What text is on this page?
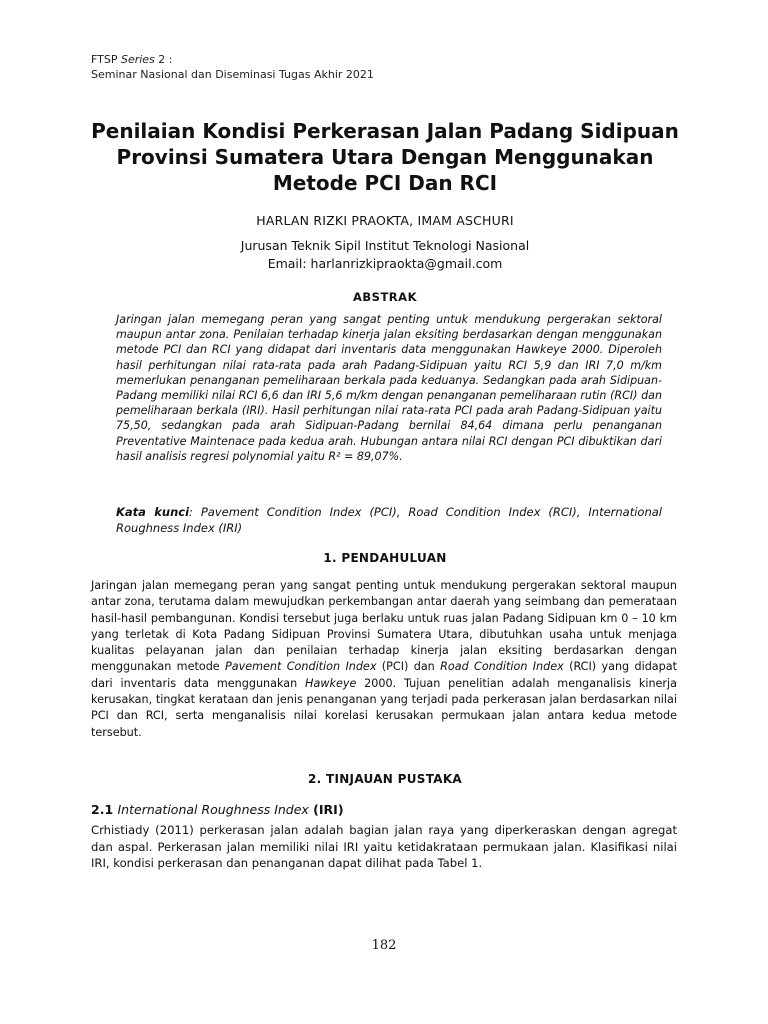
FTSP Series 2 :
Seminar Nasional dan Diseminasi Tugas Akhir 2021
Penilaian Kondisi Perkerasan Jalan Padang Sidipuan Provinsi Sumatera Utara Dengan Menggunakan Metode PCI Dan RCI
HARLAN RIZKI PRAOKTA, IMAM ASCHURI
Jurusan Teknik Sipil Institut Teknologi Nasional
Email: harlanrizkipraokta@gmail.com
ABSTRAK

Jaringan jalan memegang peran yang sangat penting untuk mendukung pergerakan sektoral maupun antar zona. Penilaian terhadap kinerja jalan eksiting berdasarkan dengan menggunakan metode PCI dan RCI yang didapat dari inventaris data menggunakan Hawkeye 2000. Diperoleh hasil perhitungan nilai rata-rata pada arah Padang-Sidipuan yaitu RCI 5,9 dan IRI 7,0 m/km memerlukan penanganan pemeliharaan berkala pada keduanya. Sedangkan pada arah Sidipuan-Padang memiliki nilai RCI 6,6 dan IRI 5,6 m/km dengan penanganan pemeliharaan rutin (RCI) dan pemeliharaan berkala (IRI). Hasil perhitungan nilai rata-rata PCI pada arah Padang-Sidipuan yaitu 75,50, sedangkan pada arah Sidipuan-Padang bernilai 84,64 dimana perlu penanganan Preventative Maintenace pada kedua arah. Hubungan antara nilai RCI dengan PCI dibuktikan dari hasil analisis regresi polynomial yaitu R² = 89,07%.

Kata kunci: Pavement Condition Index (PCI), Road Condition Index (RCI), International Roughness Index (IRI)

1. PENDAHULUAN

Jaringan jalan memegang peran yang sangat penting untuk mendukung pergerakan sektoral maupun antar zona, terutama dalam mewujudkan perkembangan antar daerah yang seimbang dan pemerataan hasil-hasil pembangunan. Kondisi tersebut juga berlaku untuk ruas jalan Padang Sidipuan km 0 – 10 km yang terletak di Kota Padang Sidipuan Provinsi Sumatera Utara, dibutuhkan usaha untuk menjaga kualitas pelayanan jalan dan penilaian terhadap kinerja jalan eksiting berdasarkan dengan menggunakan metode Pavement Condition Index (PCI) dan Road Condition Index (RCI) yang didapat dari inventaris data menggunakan Hawkeye 2000. Tujuan penelitian adalah menganalisis kinerja kerusakan, tingkat kerataan dan jenis penanganan yang terjadi pada perkerasan jalan berdasarkan nilai PCI dan RCI, serta menganalisis nilai korelasi kerusakan permukaan jalan antara kedua metode tersebut.

2. TINJAUAN PUSTAKA
2.1 International Roughness Index (IRI)

Crhistiady (2011) perkerasan jalan adalah bagian jalan raya yang diperkeraskan dengan agregat dan aspal. Perkerasan jalan memiliki nilai IRI yaitu ketidakrataan permukaan jalan. Klasifikasi nilai IRI, kondisi perkerasan dan penanganan dapat dilihat pada Tabel 1.

182
